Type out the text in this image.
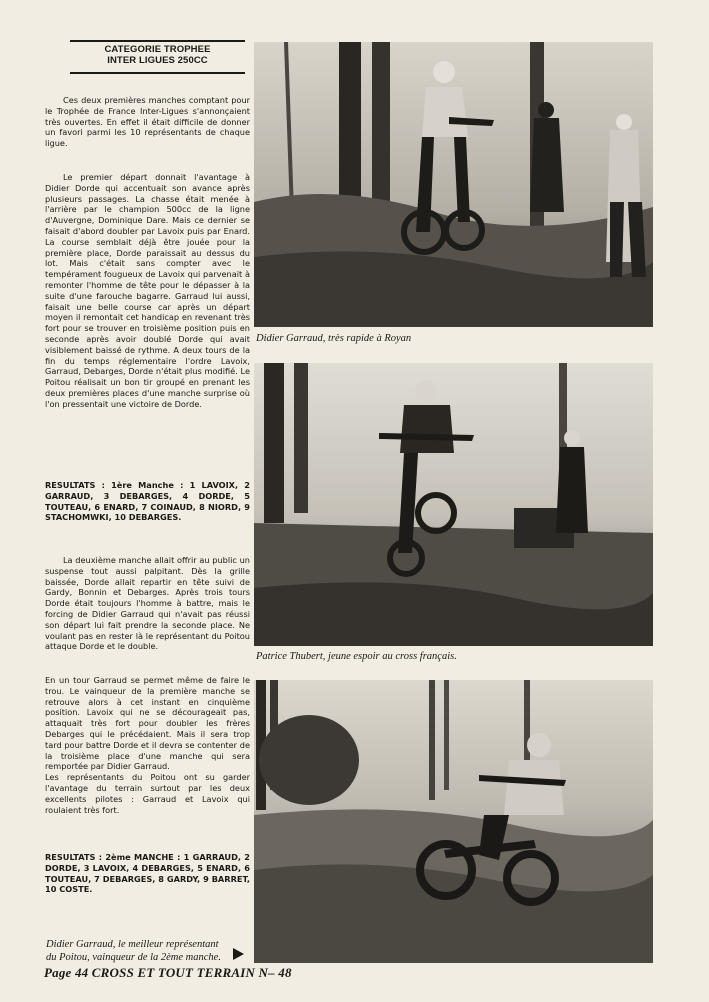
CATEGORIE TROPHEE
INTER LIGUES 250CC

Ces deux premières manches comptant pour le Trophée de France Inter-Ligues s'annonçaient très ouvertes. En effet il était difficile de donner un favori parmi les 10 représentants de chaque ligue.

Le premier départ donnait l'avantage à Didier Dorde qui accentuait son avance après plusieurs passages. La chasse était menée à l'arrière par le champion 500cc de la ligne d'Auvergne, Dominique Dare. Mais ce dernier se faisait d'abord doubler par Lavoix puis par Enard. La course semblait déjà être jouée pour la première place, Dorde paraissait au dessus du lot. Mais c'était sans compter avec le tempérament fougueux de Lavoix qui parvenait à remonter l'homme de tête pour le dépasser à la suite d'une farouche bagarre. Garraud lui aussi, faisait une belle course car après un départ moyen il remontait cet handicap en revenant très fort pour se trouver en troisième position puis en seconde après avoir doublé Dorde qui avait visiblement baissé de rythme. A deux tours de la fin du temps réglementaire l'ordre Lavoix, Garraud, Debarges, Dorde n'était plus modifié. Le Poitou réalisait un bon tir groupé en prenant les deux premières places d'une manche surprise où l'on pressentait une victoire de Dorde.

RESULTATS : 1ère Manche : 1 LAVOIX, 2 GARRAUD, 3 DEBARGES, 4 DORDE, 5 TOUTEAU, 6 ENARD, 7 COINAUD, 8 NIORD, 9 STACHOMWKI, 10 DEBARGES.

La deuxième manche allait offrir au public un suspense tout aussi palpitant. Dès la grille baissée, Dorde allait repartir en tête suivi de Gardy, Bonnin et Debarges. Après trois tours Dorde était toujours l'homme à battre, mais le forcing de Didier Garraud qui n'avait pas réussi son départ lui fait prendre la seconde place. Ne voulant pas en rester là le représentant du Poitou attaque Dorde et le double.

En un tour Garraud se permet même de faire le trou. Le vainqueur de la première manche se retrouve alors à cet instant en cinquième position. Lavoix qui ne se décourageait pas, attaquait très fort pour doubler les frères Debarges qui le précédaient. Mais il sera trop tard pour battre Dorde et il devra se contenter de la troisième place d'une manche qui sera remportée par Didier Garraud.

Les représentants du Poitou ont su garder l'avantage du terrain surtout par les deux excellents pilotes : Garraud et Lavoix qui roulaient très fort.

RESULTATS : 2ème MANCHE : 1 GARRAUD, 2 DORDE, 3 LAVOIX, 4 DEBARGES, 5 ENARD, 6 TOUTEAU, 7 DEBARGES, 8 GARDY, 9 BARRET, 10 COSTE.

Didier Garraud, très rapide à Royan
Patrice Thubert, jeune espoir au cross français.
Didier Garraud, le meilleur représentant
du Poitou, vainqueur de la 2ème manche.
Page 44 CROSS ET TOUT TERRAIN N– 48
